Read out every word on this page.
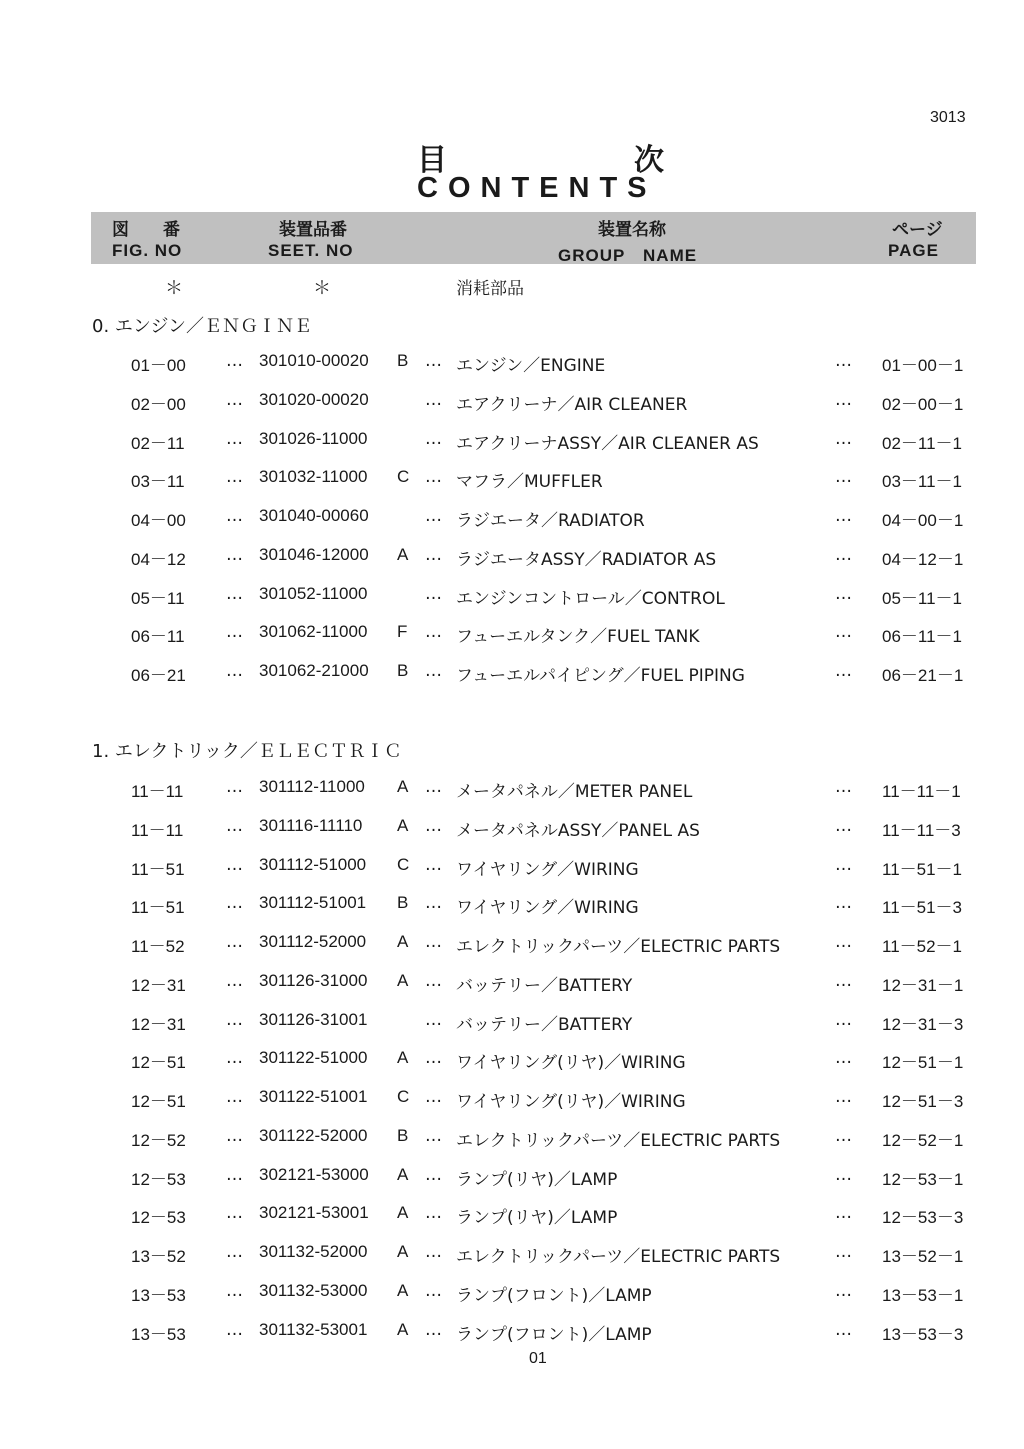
3013
目	次
CONTENTS
図　　番
FIG. NO
装置品番
SEET. NO
装置名称
GROUP　NAME
ページ
PAGE
＊	＊	消耗部品
0. エンジン／ＥＮＧＩＮＥ
01－00 … 301010-00020 B … エンジン／ENGINE	… 01－00－1
02－00 … 301020-00020	… エアクリーナ／AIR CLEANER	… 02－00－1
02－11 … 301026-11000	… エアクリーナASSY／AIR CLEANER AS	… 02－11－1
03－11 … 301032-11000 C … マフラ／MUFFLER	… 03－11－1
04－00 … 301040-00060	… ラジエータ／RADIATOR	… 04－00－1
04－12 … 301046-12000 A … ラジエータASSY／RADIATOR AS	… 04－12－1
05－11 … 301052-11000	… エンジンコントロール／CONTROL	… 05－11－1
06－11 … 301062-11000 F … フューエルタンク／FUEL TANK	… 06－11－1
06－21 … 301062-21000 B … フューエルパイピング／FUEL PIPING	… 06－21－1
1. エレクトリック／ＥＬＥＣＴＲＩＣ
11－11	… 301112-11000 A … メータパネル／METER PANEL	… 11－11－1
11－11	… 301116-11110 A … メータパネルASSY／PANEL AS	… 11－11－3
11－51 … 301112-51000 C … ワイヤリング／WIRING	… 11－51－1
11－51 … 301112-51001 B … ワイヤリング／WIRING	… 11－51－3
11－52 … 301112-52000 A … エレクトリックパーツ／ELECTRIC PARTS	… 11－52－1
12－31 … 301126-31000 A … バッテリー／BATTERY	… 12－31－1
12－31 … 301126-31001	… バッテリー／BATTERY	… 12－31－3
12－51 … 301122-51000 A … ワイヤリング(リヤ)／WIRING	… 12－51－1
12－51 … 301122-51001 C … ワイヤリング(リヤ)／WIRING	… 12－51－3
12－52 … 301122-52000 B … エレクトリックパーツ／ELECTRIC PARTS	… 12－52－1
12－53 … 302121-53000 A … ランプ(リヤ)／LAMP	… 12－53－1
12－53 … 302121-53001 A … ランプ(リヤ)／LAMP	… 12－53－3
13－52 … 301132-52000 A … エレクトリックパーツ／ELECTRIC PARTS	… 13－52－1
13－53 … 301132-53000 A … ランプ(フロント)／LAMP	… 13－53－1
13－53 … 301132-53001 A … ランプ(フロント)／LAMP	… 13－53－3
01
